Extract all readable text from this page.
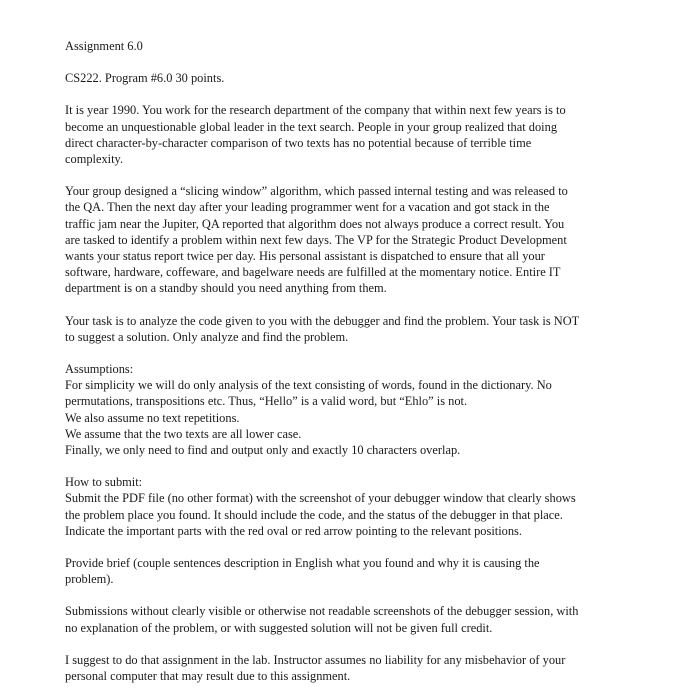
Assignment 6.0
CS222. Program #6.0 30 points.
It is year 1990. You work for the research department of the company that within next few years is to
become an unquestionable global leader in the text search. People in your group realized that doing
direct character-by-character comparison of two texts has no potential because of terrible time
complexity.
Your group designed a “slicing window” algorithm, which passed internal testing and was released to
the QA. Then the next day after your leading programmer went for a vacation and got stack in the
traffic jam near the Jupiter, QA reported that algorithm does not always produce a correct result. You
are tasked to identify a problem within next few days. The VP for the Strategic Product Development
wants your status report twice per day. His personal assistant is dispatched to ensure that all your
software, hardware, coffeware, and bagelware needs are fulfilled at the momentary notice. Entire IT
department is on a standby should you need anything from them.
Your task is to analyze the code given to you with the debugger and find the problem. Your task is NOT
to suggest a solution. Only analyze and find the problem.
Assumptions:
For simplicity we will do only analysis of the text consisting of words, found in the dictionary. No
permutations, transpositions etc. Thus, “Hello” is a valid word, but “Ehlo” is not.
We also assume no text repetitions.
We assume that the two texts are all lower case.
Finally, we only need to find and output only and exactly 10 characters overlap.
How to submit:
Submit the PDF file (no other format) with the screenshot of your debugger window that clearly shows
the problem place you found. It should include the code, and the status of the debugger in that place.
Indicate the important parts with the red oval or red arrow pointing to the relevant positions.
Provide brief (couple sentences description in English what you found and why it is causing the
problem).
Submissions without clearly visible or otherwise not readable screenshots of the debugger session, with
no explanation of the problem, or with suggested solution will not be given full credit.
I suggest to do that assignment in the lab. Instructor assumes no liability for any misbehavior of your
personal computer that may result due to this assignment.
